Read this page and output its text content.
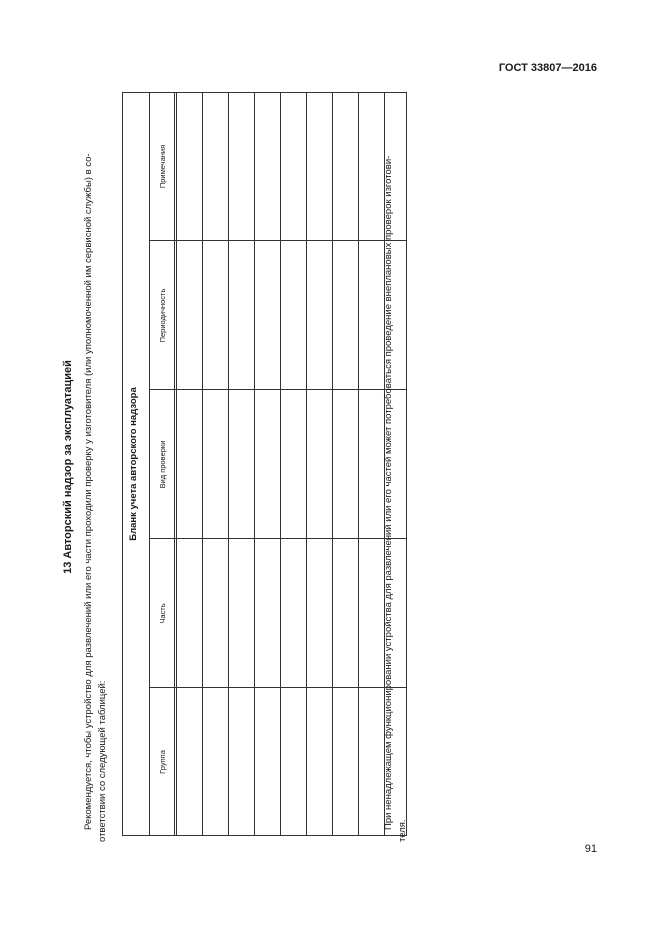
ГОСТ 33807—2016
13 Авторский надзор за эксплуатацией Рекомендуется, чтобы устройство для развлечений или его части проходили проверку у изготовителя (или уполномоченной им сервисной службы) в со- ответствии со следующей таблицей:
Бланк учета авторского надзора
Группа
Часть
Вид проверки
Периодичность
Примечания	При ненадлежащем функционировании устройства для развлечений или его частей может потребоваться проведение внеплановых проверок изготови-
теля.
91
